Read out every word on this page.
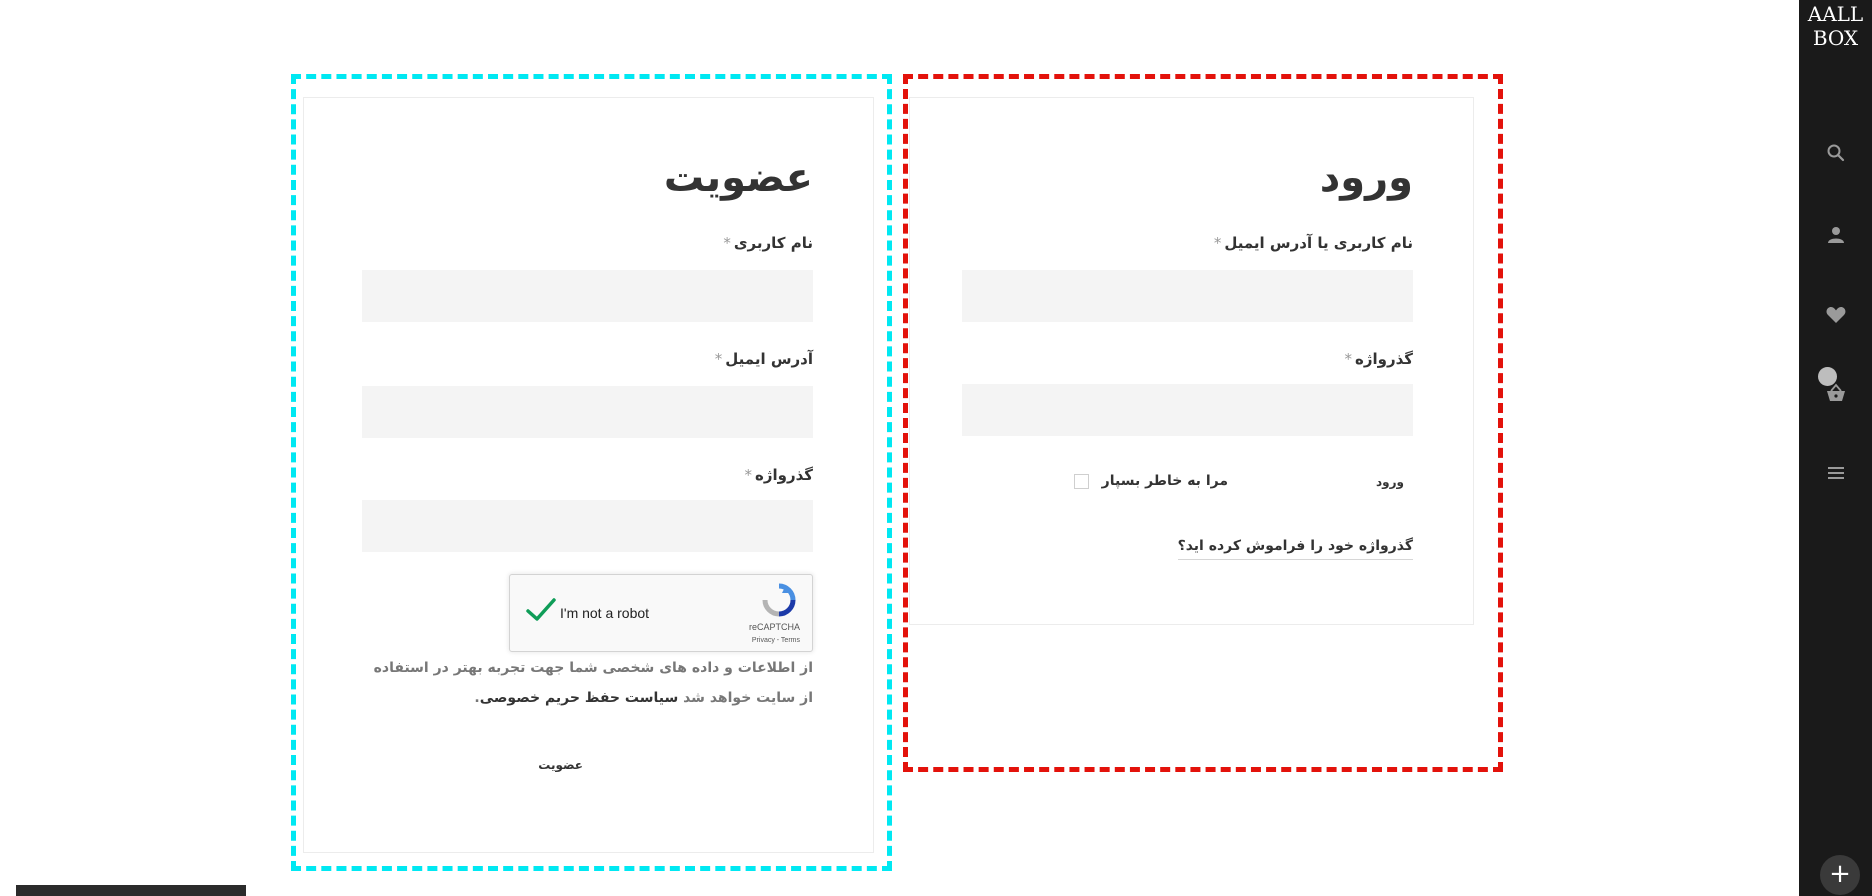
عضویت
نام کاربری*
آدرس ایمیل*
گذرواژه*
I'm not a robot
reCAPTCHA
Privacy - Terms

از اطلاعات و داده های شخصی شما جهت تجربه بهتر در استفاده از سایت خواهد شد سیاست حفظ حریم خصوصی.

عضویت
ورود
نام کاربری یا آدرس ایمیل*
گذرواژه*
مرا به خاطر بسپار	ورود
گذرواژه خود را فراموش کرده اید؟
AALL
BOX
+
